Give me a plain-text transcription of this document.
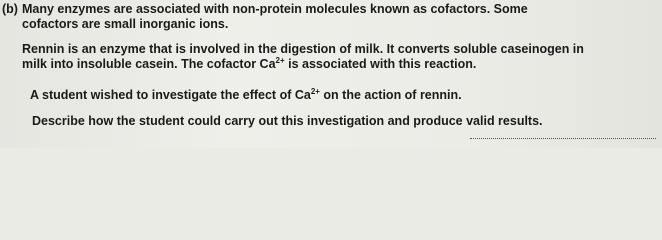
(b) Many enzymes are associated with non-protein molecules known as cofactors. Some
cofactors are small inorganic ions.
Rennin is an enzyme that is involved in the digestion of milk. It converts soluble caseinogen in
milk into insoluble casein. The cofactor $Ca^{2+}$ is associated with this reaction.
A student wished to investigate the effect of $Ca^{2+}$ on the action of rennin.
Describe how the student could carry out this investigation and produce valid results.
